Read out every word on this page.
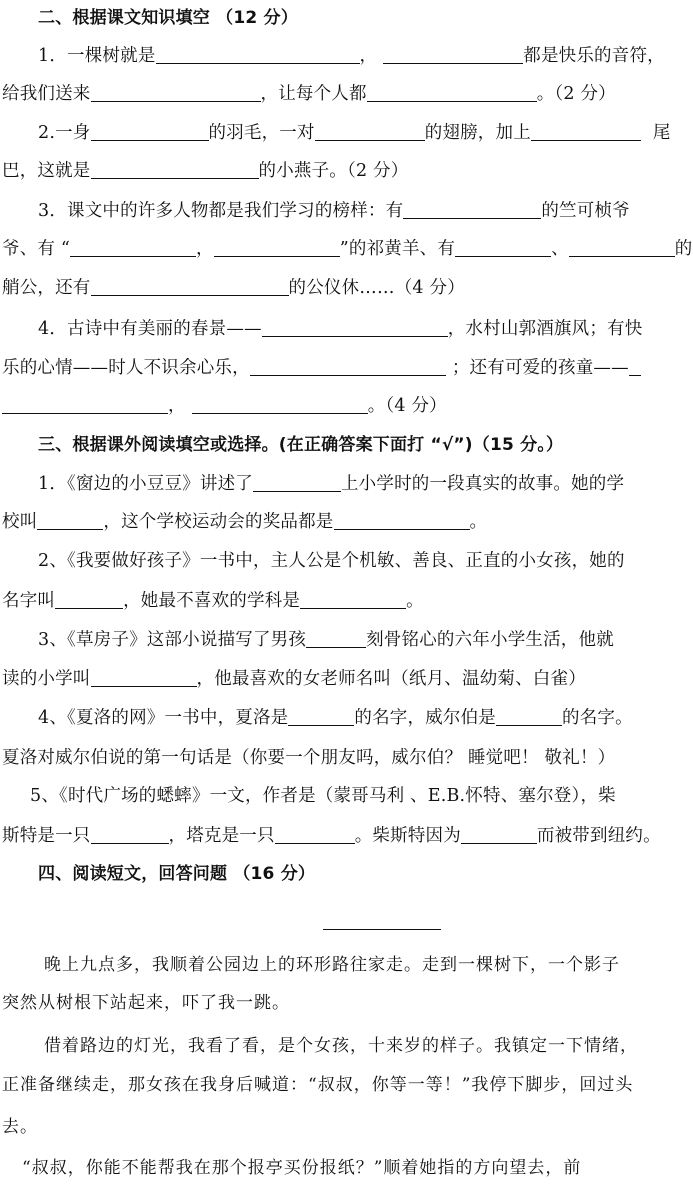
二、根据课文知识填空 （12 分）
1．一棵树就是	，	都是快乐的音符，
给我们送来	，让每个人都	。（2 分）
2.一身	的羽毛，一对	的翅膀，加上	尾
巴，这就是	的小燕子。（2 分）
3．课文中的许多人物都是我们学习的榜样：有	的竺可桢爷
爷、有 “	，	”的祁黄羊、有	、	的
艄公，还有	的公仪休……（4 分）
4．古诗中有美丽的春景——	，水村山郭酒旗风；有快
乐的心情——时人不识余心乐，	；还有可爱的孩童——
，	。（4 分）
三、根据课外阅读填空或选择。(在正确答案下面打 “√”)（15 分。）
1．《窗边的小豆豆》讲述了	上小学时的一段真实的故事。她的学
校叫	，这个学校运动会的奖品都是	。
2、《我要做好孩子》一书中，主人公是个机敏、善良、正直的小女孩，她的
名字叫	，她最不喜欢的学科是	。
3、《草房子》这部小说描写了男孩	刻骨铭心的六年小学生活，他就
读的小学叫	，他最喜欢的女老师名叫（纸月、温幼菊、白雀）
4、《夏洛的网》一书中，夏洛是	的名字，威尔伯是	的名字。
夏洛对威尔伯说的第一句话是（你要一个朋友吗，威尔伯？ 睡觉吧！ 敬礼！）
5、《时代广场的蟋蟀》一文，作者是（蒙哥马利 、E.B.怀特、塞尔登），柴
斯特是一只	，塔克是一只	。柴斯特因为	而被带到纽约。
四、阅读短文，回答问题 （16 分）
晚上九点多，我顺着公园边上的环形路往家走。走到一棵树下，一个影子
突然从树根下站起来，吓了我一跳。
借着路边的灯光，我看了看，是个女孩，十来岁的样子。我镇定一下情绪，
正准备继续走，那女孩在我身后喊道：“叔叔，你等一等！”我停下脚步，回过头
去。
“叔叔，你能不能帮我在那个报亭买份报纸？”顺着她指的方向望去，前
